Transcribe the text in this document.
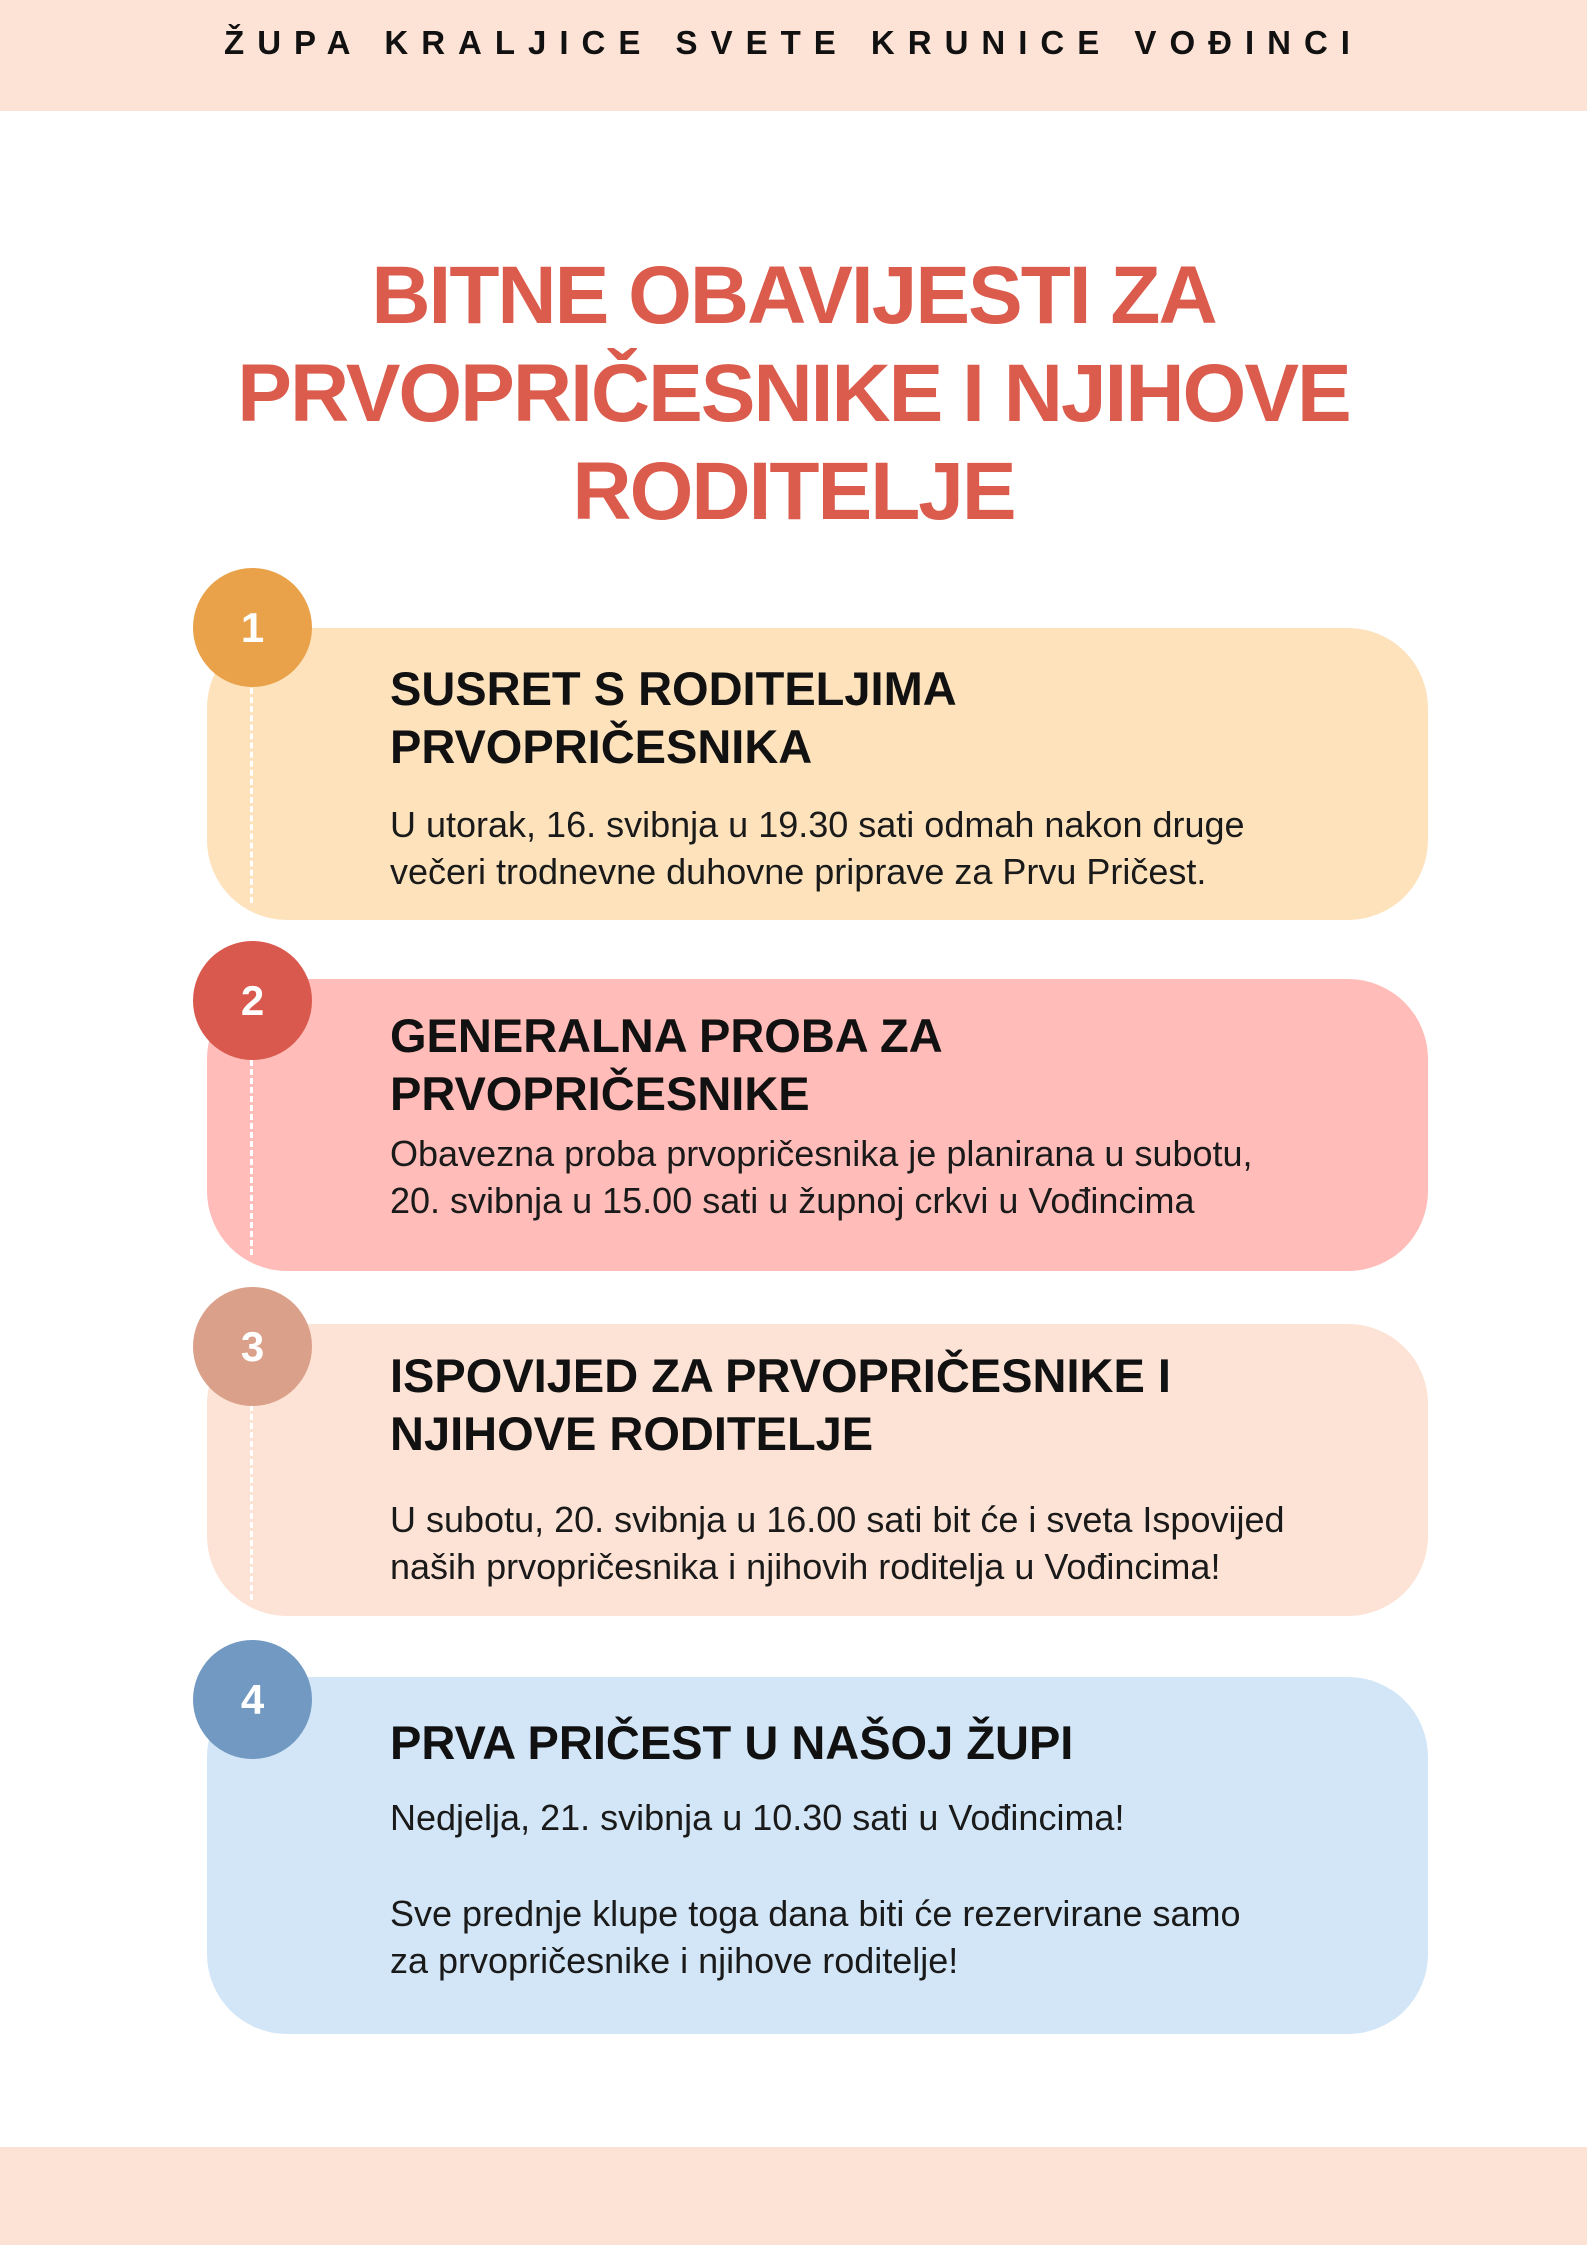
ŽUPA KRALJICE SVETE KRUNICE VOĐINCI
BITNE OBAVIJESTI ZA
PRVOPRIČESNIKE I NJIHOVE
RODITELJE
1
SUSRET S RODITELJIMA
PRVOPRIČESNIKA
U utorak, 16. svibnja u 19.30 sati odmah nakon druge
večeri trodnevne duhovne priprave za Prvu Pričest.
2
GENERALNA PROBA ZA
PRVOPRIČESNIKE
Obavezna proba prvopričesnika je planirana u subotu,
20. svibnja u 15.00 sati u župnoj crkvi u Vođincima
3
ISPOVIJED ZA PRVOPRIČESNIKE I
NJIHOVE RODITELJE
U subotu, 20. svibnja u 16.00 sati bit će i sveta Ispovijed
naših prvopričesnika i njihovih roditelja u Vođincima!
4
PRVA PRIČEST U NAŠOJ ŽUPI
Nedjelja, 21. svibnja u 10.30 sati u Vođincima!
Sve prednje klupe toga dana biti će rezervirane samo
za prvopričesnike i njihove roditelje!
